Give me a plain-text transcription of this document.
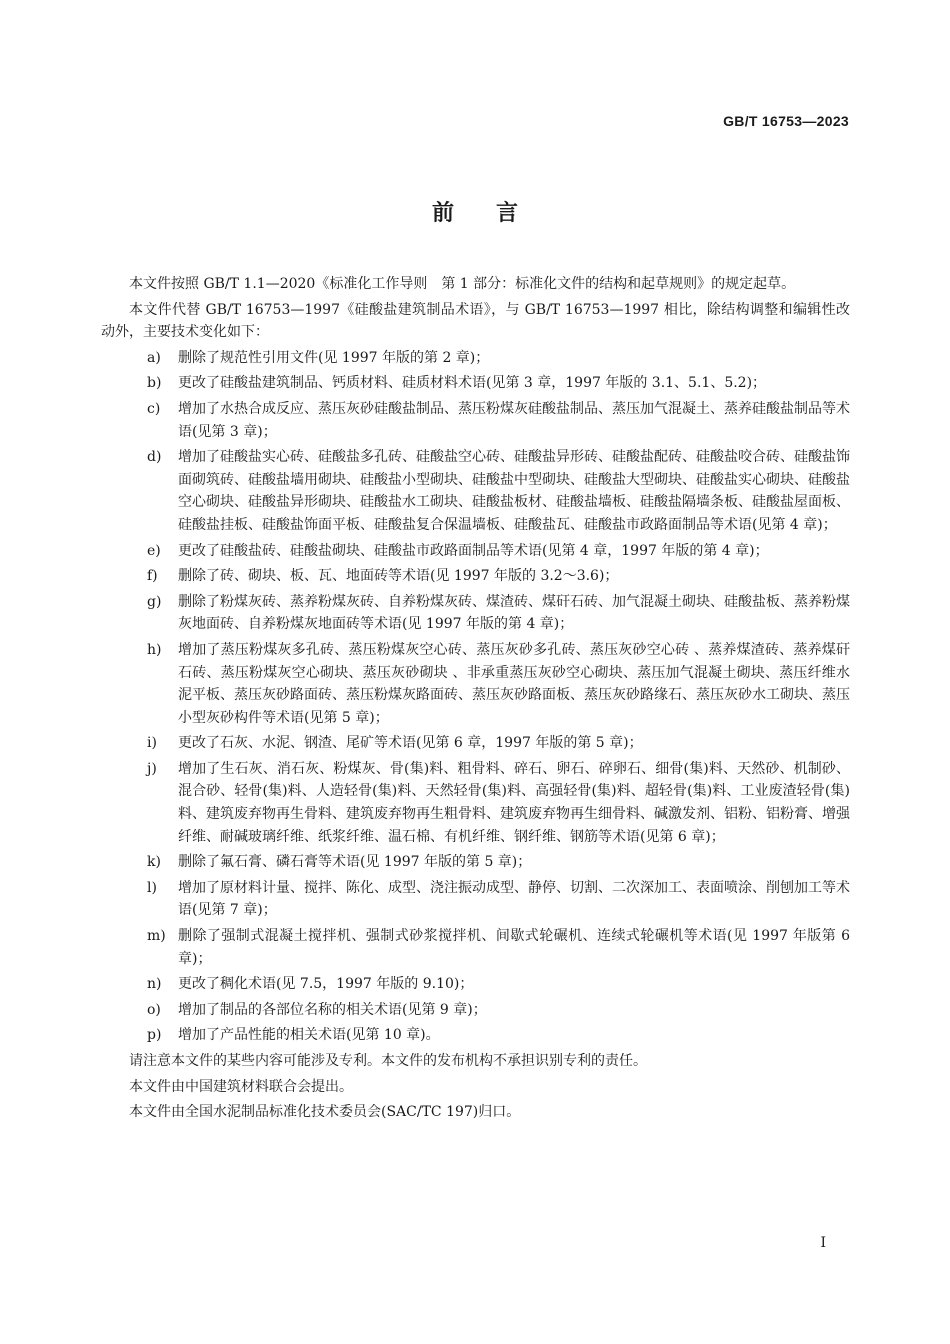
GB/T 16753—2023
前言

本文件按照 GB/T 1.1—2020《标准化工作导则　第 1 部分：标准化文件的结构和起草规则》的规定起草。

本文件代替 GB/T 16753—1997《硅酸盐建筑制品术语》，与 GB/T 16753—1997 相比，除结构调整和编辑性改动外，主要技术变化如下：

a) 删除了规范性引用文件(见 1997 年版的第 2 章)；
b) 更改了硅酸盐建筑制品、钙质材料、硅质材料术语(见第 3 章，1997 年版的 3.1、5.1、5.2)；
c) 增加了水热合成反应、蒸压灰砂硅酸盐制品、蒸压粉煤灰硅酸盐制品、蒸压加气混凝土、蒸养硅酸盐制品等术语(见第 3 章)；
d) 增加了硅酸盐实心砖、硅酸盐多孔砖、硅酸盐空心砖、硅酸盐异形砖、硅酸盐配砖、硅酸盐咬合砖、硅酸盐饰面砌筑砖、硅酸盐墙用砌块、硅酸盐小型砌块、硅酸盐中型砌块、硅酸盐大型砌块、硅酸盐实心砌块、硅酸盐空心砌块、硅酸盐异形砌块、硅酸盐水工砌块、硅酸盐板材、硅酸盐墙板、硅酸盐隔墙条板、硅酸盐屋面板、硅酸盐挂板、硅酸盐饰面平板、硅酸盐复合保温墙板、硅酸盐瓦、硅酸盐市政路面制品等术语(见第 4 章)；
e) 更改了硅酸盐砖、硅酸盐砌块、硅酸盐市政路面制品等术语(见第 4 章，1997 年版的第 4 章)；
f) 删除了砖、砌块、板、瓦、地面砖等术语(见 1997 年版的 3.2～3.6)；
g) 删除了粉煤灰砖、蒸养粉煤灰砖、自养粉煤灰砖、煤渣砖、煤矸石砖、加气混凝土砌块、硅酸盐板、蒸养粉煤灰地面砖、自养粉煤灰地面砖等术语(见 1997 年版的第 4 章)；
h) 增加了蒸压粉煤灰多孔砖、蒸压粉煤灰空心砖、蒸压灰砂多孔砖、蒸压灰砂空心砖 、蒸养煤渣砖、蒸养煤矸石砖、蒸压粉煤灰空心砌块、蒸压灰砂砌块 、非承重蒸压灰砂空心砌块、蒸压加气混凝土砌块、蒸压纤维水泥平板、蒸压灰砂路面砖、蒸压粉煤灰路面砖、蒸压灰砂路面板、蒸压灰砂路缘石、蒸压灰砂水工砌块、蒸压小型灰砂构件等术语(见第 5 章)；
i) 更改了石灰、水泥、钢渣、尾矿等术语(见第 6 章，1997 年版的第 5 章)；
j) 增加了生石灰、消石灰、粉煤灰、骨(集)料、粗骨料、碎石、卵石、碎卵石、细骨(集)料、天然砂、机制砂、混合砂、轻骨(集)料、人造轻骨(集)料、天然轻骨(集)料、高强轻骨(集)料、超轻骨(集)料、工业废渣轻骨(集)料、建筑废弃物再生骨料、建筑废弃物再生粗骨料、建筑废弃物再生细骨料、碱激发剂、铝粉、铝粉膏、增强纤维、耐碱玻璃纤维、纸浆纤维、温石棉、有机纤维、钢纤维、钢筋等术语(见第 6 章)；
k) 删除了氟石膏、磷石膏等术语(见 1997 年版的第 5 章)；
l) 增加了原材料计量、搅拌、陈化、成型、浇注振动成型、静停、切割、二次深加工、表面喷涂、削刨加工等术语(见第 7 章)；
m) 删除了强制式混凝土搅拌机、强制式砂浆搅拌机、间歇式轮碾机、连续式轮碾机等术语(见 1997 年版第 6 章)；
n) 更改了稠化术语(见 7.5，1997 年版的 9.10)；
o) 增加了制品的各部位名称的相关术语(见第 9 章)；
p) 增加了产品性能的相关术语(见第 10 章)。

请注意本文件的某些内容可能涉及专利。本文件的发布机构不承担识别专利的责任。

本文件由中国建筑材料联合会提出。

本文件由全国水泥制品标准化技术委员会(SAC/TC 197)归口。

I
